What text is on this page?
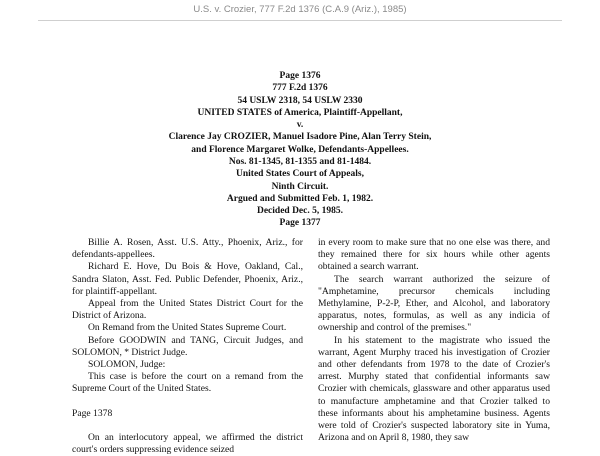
U.S. v. Crozier, 777 F.2d 1376 (C.A.9 (Ariz.), 1985)
Page 1376
777 F.2d 1376
54 USLW 2318, 54 USLW 2330
UNITED STATES of America, Plaintiff-Appellant,
v.
Clarence Jay CROZIER, Manuel Isadore Pine, Alan Terry Stein,
and Florence Margaret Wolke, Defendants-Appellees.
Nos. 81-1345, 81-1355 and 81-1484.
United States Court of Appeals,
Ninth Circuit.
Argued and Submitted Feb. 1, 1982.
Decided Dec. 5, 1985.
Page 1377

Billie A. Rosen, Asst. U.S. Atty., Phoenix, Ariz., for defendants-appellees.

Richard E. Hove, Du Bois & Hove, Oakland, Cal., Sandra Slaton, Asst. Fed. Public Defender, Phoenix, Ariz., for plaintiff-appellant.

Appeal from the United States District Court for the District of Arizona.

On Remand from the United States Supreme Court.

Before GOODWIN and TANG, Circuit Judges, and SOLOMON, * District Judge.

SOLOMON, Judge:

This case is before the court on a remand from the Supreme Court of the United States.

Page 1378

On an interlocutory appeal, we affirmed the district court's orders suppressing evidence seized

in every room to make sure that no one else was there, and they remained there for six hours while other agents obtained a search warrant.

The search warrant authorized the seizure of "Amphetamine, precursor chemicals including Methylamine, P-2-P, Ether, and Alcohol, and laboratory apparatus, notes, formulas, as well as any indicia of ownership and control of the premises."

In his statement to the magistrate who issued the warrant, Agent Murphy traced his investigation of Crozier and other defendants from 1978 to the date of Crozier's arrest. Murphy stated that confidential informants saw Crozier with chemicals, glassware and other apparatus used to manufacture amphetamine and that Crozier talked to these informants about his amphetamine business. Agents were told of Crozier's suspected laboratory site in Yuma, Arizona and on April 8, 1980, they saw
